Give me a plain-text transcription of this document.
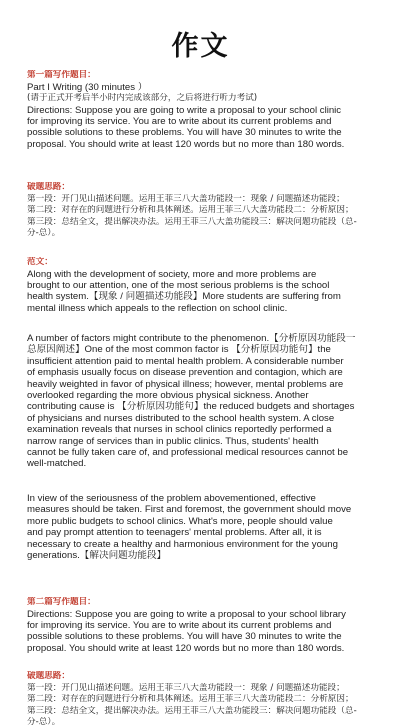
作文
第一篇写作题目：
Part I Writing (30 minutes ）
(请于正式开考后半小时内完成该部分，之后将进行听力考试)
Directions: Suppose you are going to write a proposal to your school clinic
for improving its service. You are to write about its current problems and
possible solutions to these problems. You will have 30 minutes to write the
proposal. You should write at least 120 words but no more than 180 words.
破题思路：
第一段：开门见山描述问题。运用王菲三八大盖功能段一：现象 / 问题描述功能段；
第二段：对存在的问题进行分析和具体阐述。运用王菲三八大盖功能段二：分析原因；
第三段：总结全文，提出解决办法。运用王菲三八大盖功能段三：解决问题功能段（总-
分-总）。
范文：
Along with the development of society, more and more problems are
brought to our attention, one of the most serious problems is the school
health system.【现象 / 问题描述功能段】More students are suffering from
mental illness which appeals to the reflection on school clinic.
A number of factors might contribute to the phenomenon.【分析原因功能段一
总原因阐述】One of the most common factor is 【分析原因功能句】the
insufficient attention paid to mental health problem. A considerable number
of emphasis usually focus on disease prevention and contagion, which are
heavily weighted in favor of physical illness; however, mental problems are
overlooked regarding the more obvious physical sickness. Another
contributing cause is 【分析原因功能句】the reduced budgets and shortages
of physicians and nurses distributed to the school health system. A close
examination reveals that nurses in school clinics reportedly performed a
narrow range of services than in public clinics. Thus, students' health
cannot be fully taken care of, and professional medical resources cannot be
well-matched.
In view of the seriousness of the problem abovementioned, effective
measures should be taken. First and foremost, the government should move
more public budgets to school clinics. What's more, people should value
and pay prompt attention to teenagers' mental problems. After all, it is
necessary to create a healthy and harmonious environment for the young
generations.【解决问题功能段】
第二篇写作题目：
Directions: Suppose you are going to write a proposal to your school library
for improving its service. You are to write about its current problems and
possible solutions to these problems. You will have 30 minutes to write the
proposal. You should write at least 120 words but no more than 180 words.
破题思路：
第一段：开门见山描述问题。运用王菲三八大盖功能段一：现象 / 问题描述功能段；
第二段：对存在的问题进行分析和具体阐述。运用王菲三八大盖功能段二：分析原因；
第三段：总结全文，提出解决办法。运用王菲三八大盖功能段三：解决问题功能段（总-
分-总）。
